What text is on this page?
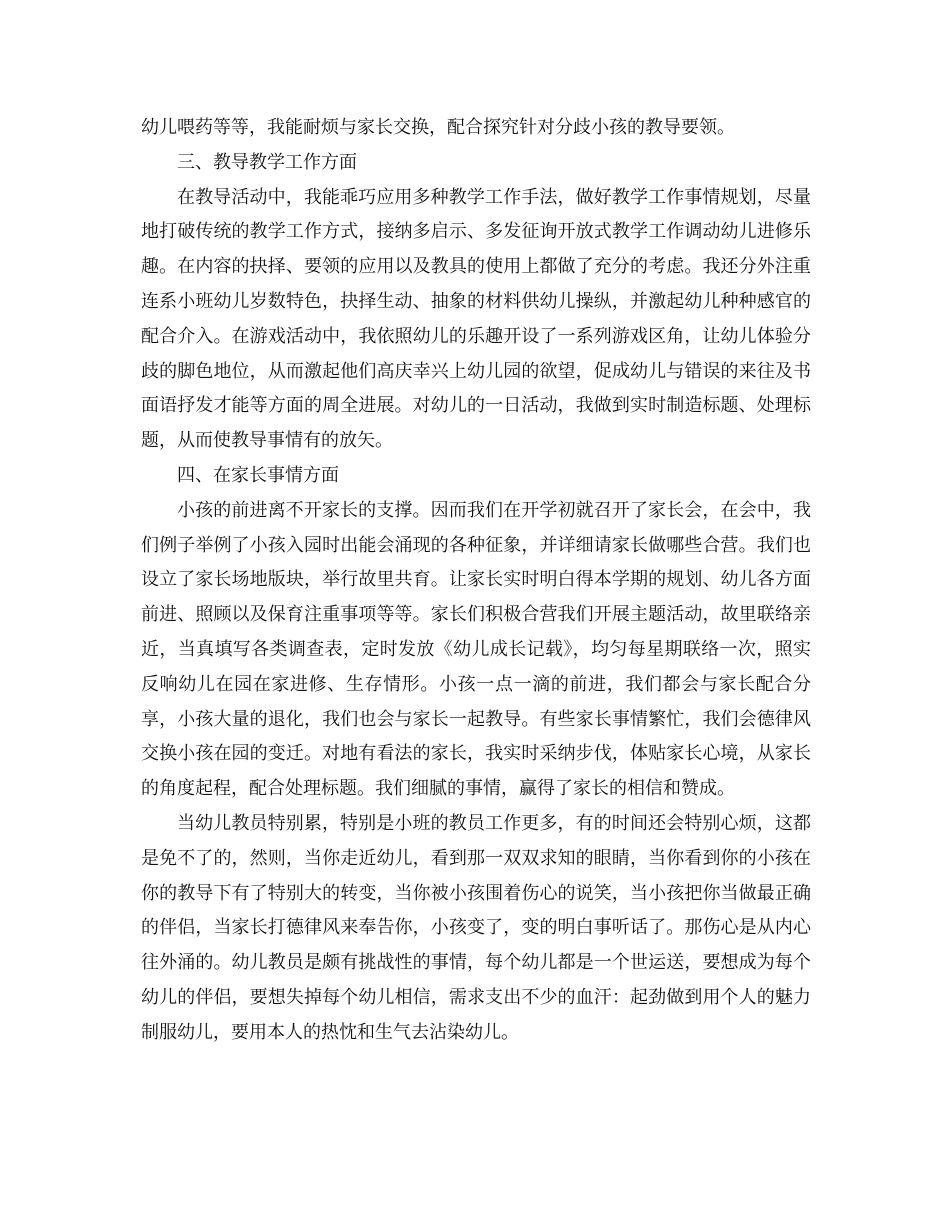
幼儿喂药等等，我能耐烦与家长交换，配合探究针对分歧小孩的教导要领。

三、教导教学工作方面

在教导活动中，我能乖巧应用多种教学工作手法，做好教学工作事情规划，尽量地打破传统的教学工作方式，接纳多启示、多发征询开放式教学工作调动幼儿进修乐趣。在内容的抉择、要领的应用以及教具的使用上都做了充分的考虑。我还分外注重连系小班幼儿岁数特色，抉择生动、抽象的材料供幼儿操纵，并激起幼儿种种感官的配合介入。在游戏活动中，我依照幼儿的乐趣开设了一系列游戏区角，让幼儿体验分歧的脚色地位，从而激起他们高庆幸兴上幼儿园的欲望，促成幼儿与错误的来往及书面语抒发才能等方面的周全进展。对幼儿的一日活动，我做到实时制造标题、处理标题，从而使教导事情有的放矢。

四、在家长事情方面

小孩的前进离不开家长的支撑。因而我们在开学初就召开了家长会，在会中，我们例子举例了小孩入园时出能会涌现的各种征象，并详细请家长做哪些合营。我们也设立了家长场地版块，举行故里共育。让家长实时明白得本学期的规划、幼儿各方面前进、照顾以及保育注重事项等等。家长们积极合营我们开展主题活动，故里联络亲近，当真填写各类调查表，定时发放《幼儿成长记载》，均匀每星期联络一次，照实反响幼儿在园在家进修、生存情形。小孩一点一滴的前进，我们都会与家长配合分享，小孩大量的退化，我们也会与家长一起教导。有些家长事情繁忙，我们会德律风交换小孩在园的变迁。对地有看法的家长，我实时采纳步伐，体贴家长心境，从家长的角度起程，配合处理标题。我们细腻的事情，赢得了家长的相信和赞成。

当幼儿教员特别累，特别是小班的教员工作更多，有的时间还会特别心烦，这都是免不了的，然则，当你走近幼儿，看到那一双双求知的眼睛，当你看到你的小孩在你的教导下有了特别大的转变，当你被小孩围着伤心的说笑，当小孩把你当做最正确的伴侣，当家长打德律风来奉告你，小孩变了，变的明白事听话了。那伤心是从内心往外涌的。幼儿教员是颇有挑战性的事情，每个幼儿都是一个世运送，要想成为每个幼儿的伴侣，要想失掉每个幼儿相信，需求支出不少的血汗：起劲做到用个人的魅力制服幼儿，要用本人的热忱和生气去沾染幼儿。
